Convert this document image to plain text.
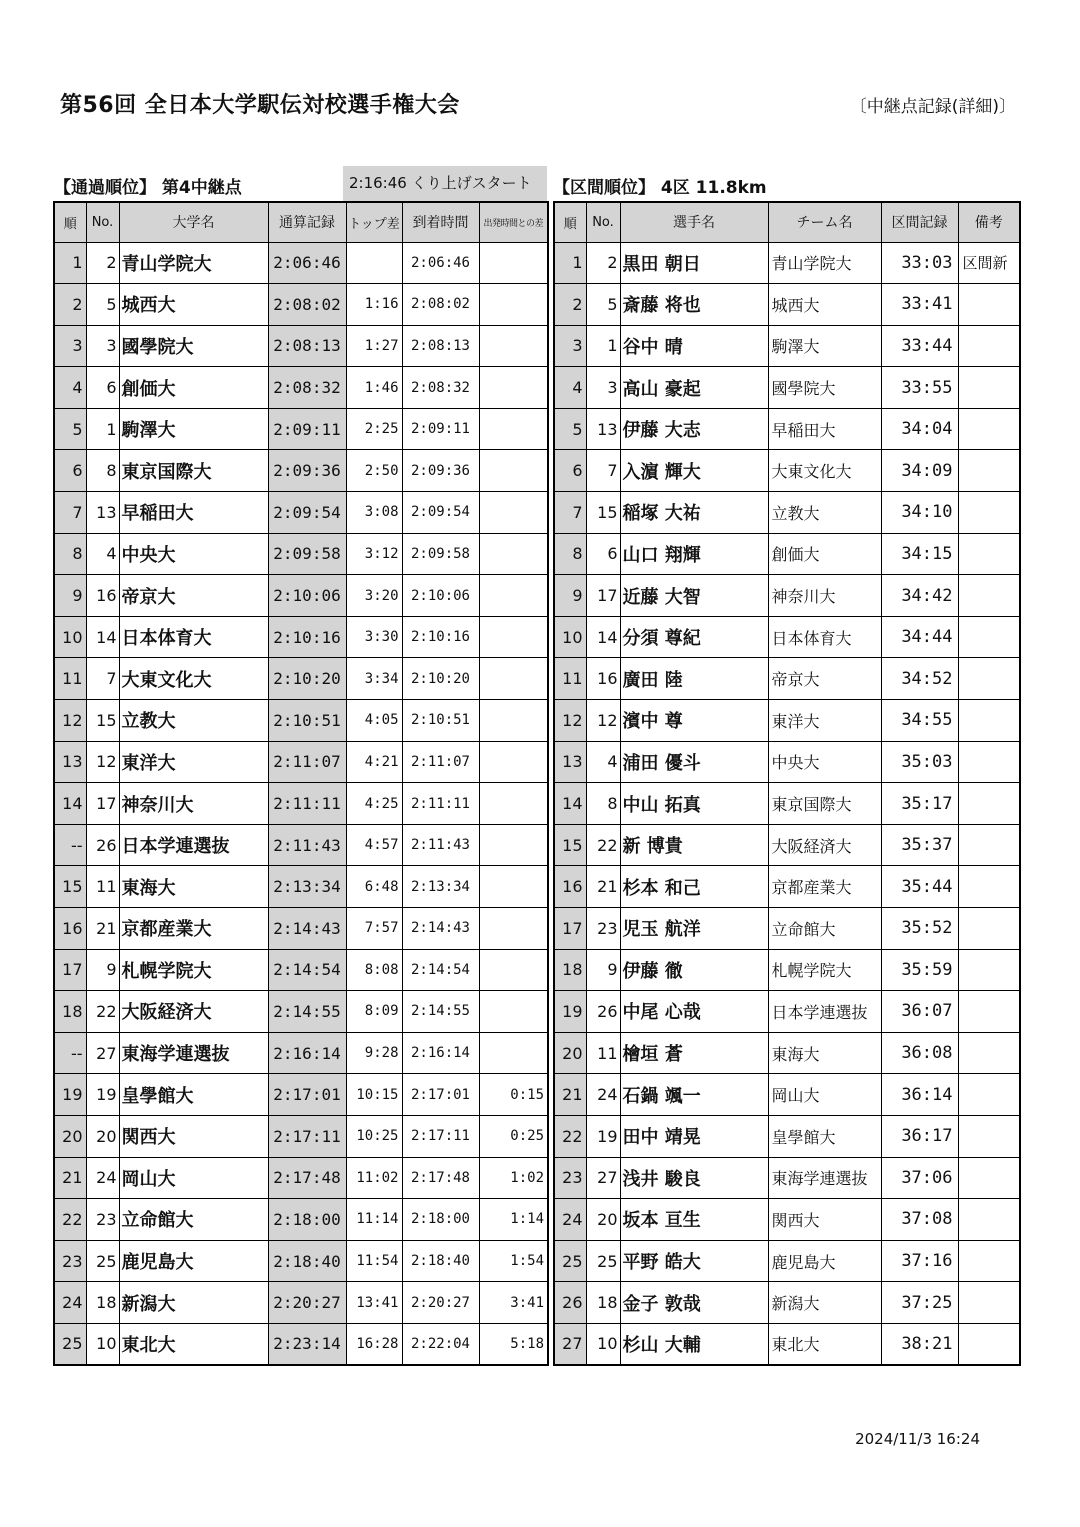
第56回 全日本大学駅伝対校選手権大会	〔中継点記録(詳細)〕
【通過順位】 第4中継点	2:16:46 くり上げスタート	【区間順位】 4区 11.8km
順	No.	大学名	通算記録	トップ差	到着時間	出発時間との差
1	2	青山学院大	2:06:46		2:06:46	
2	5	城西大	2:08:02	1:16	2:08:02	
3	3	國學院大	2:08:13	1:27	2:08:13	
4	6	創価大	2:08:32	1:46	2:08:32	
5	1	駒澤大	2:09:11	2:25	2:09:11	
6	8	東京国際大	2:09:36	2:50	2:09:36	
7	13	早稲田大	2:09:54	3:08	2:09:54	
8	4	中央大	2:09:58	3:12	2:09:58	
9	16	帝京大	2:10:06	3:20	2:10:06	
10	14	日本体育大	2:10:16	3:30	2:10:16	
11	7	大東文化大	2:10:20	3:34	2:10:20	
12	15	立教大	2:10:51	4:05	2:10:51	
13	12	東洋大	2:11:07	4:21	2:11:07	
14	17	神奈川大	2:11:11	4:25	2:11:11	
--	26	日本学連選抜	2:11:43	4:57	2:11:43	
15	11	東海大	2:13:34	6:48	2:13:34	
16	21	京都産業大	2:14:43	7:57	2:14:43	
17	9	札幌学院大	2:14:54	8:08	2:14:54	
18	22	大阪経済大	2:14:55	8:09	2:14:55	
--	27	東海学連選抜	2:16:14	9:28	2:16:14	
19	19	皇學館大	2:17:01	10:15	2:17:01	0:15
20	20	関西大	2:17:11	10:25	2:17:11	0:25
21	24	岡山大	2:17:48	11:02	2:17:48	1:02
22	23	立命館大	2:18:00	11:14	2:18:00	1:14
23	25	鹿児島大	2:18:40	11:54	2:18:40	1:54
24	18	新潟大	2:20:27	13:41	2:20:27	3:41
25	10	東北大	2:23:14	16:28	2:22:04	5:18
順	No.	選手名	チーム名	区間記録	備考
1	2	黒田 朝日	青山学院大	33:03	区間新
2	5	斎藤 将也	城西大	33:41	
3	1	谷中 晴	駒澤大	33:44	
4	3	高山 豪起	國學院大	33:55	
5	13	伊藤 大志	早稲田大	34:04	
6	7	入濵 輝大	大東文化大	34:09	
7	15	稲塚 大祐	立教大	34:10	
8	6	山口 翔輝	創価大	34:15	
9	17	近藤 大智	神奈川大	34:42	
10	14	分須 尊紀	日本体育大	34:44	
11	16	廣田 陸	帝京大	34:52	
12	12	濱中 尊	東洋大	34:55	
13	4	浦田 優斗	中央大	35:03	
14	8	中山 拓真	東京国際大	35:17	
15	22	新 博貴	大阪経済大	35:37	
16	21	杉本 和己	京都産業大	35:44	
17	23	児玉 航洋	立命館大	35:52	
18	9	伊藤 徹	札幌学院大	35:59	
19	26	中尾 心哉	日本学連選抜	36:07	
20	11	檜垣 蒼	東海大	36:08	
21	24	石鍋 颯一	岡山大	36:14	
22	19	田中 靖晃	皇學館大	36:17	
23	27	浅井 駿良	東海学連選抜	37:06	
24	20	坂本 亘生	関西大	37:08	
25	25	平野 皓大	鹿児島大	37:16	
26	18	金子 敦哉	新潟大	37:25	
27	10	杉山 大輔	東北大	38:21	
2024/11/3 16:24
